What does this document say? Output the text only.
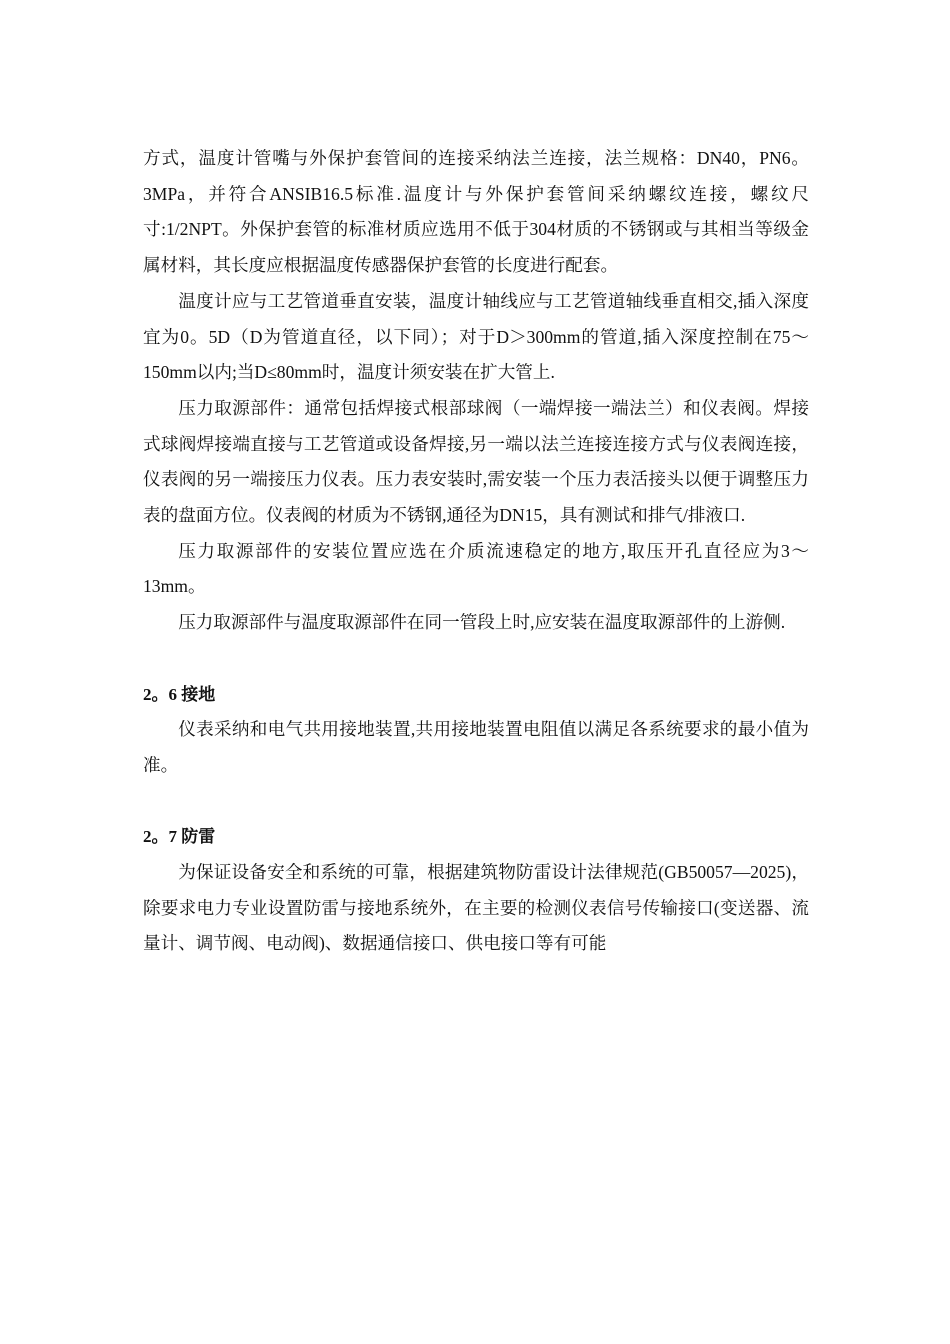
方式，温度计管嘴与外保护套管间的连接采纳法兰连接，法兰规格：DN40，PN6。3MPa，并符合ANSIB16.5标准.温度计与外保护套管间采纳螺纹连接，螺纹尺寸:1/2NPT。外保护套管的标准材质应选用不低于304材质的不锈钢或与其相当等级金属材料，其长度应根据温度传感器保护套管的长度进行配套。

温度计应与工艺管道垂直安装，温度计轴线应与工艺管道轴线垂直相交,插入深度宜为0。5D（D为管道直径，以下同）；对于D＞300mm的管道,插入深度控制在75～150mm以内;当D≤80mm时，温度计须安装在扩大管上.

压力取源部件：通常包括焊接式根部球阀（一端焊接一端法兰）和仪表阀。焊接式球阀焊接端直接与工艺管道或设备焊接,另一端以法兰连接连接方式与仪表阀连接，仪表阀的另一端接压力仪表。压力表安装时,需安装一个压力表活接头以便于调整压力表的盘面方位。仪表阀的材质为不锈钢,通径为DN15，具有测试和排气/排液口.

压力取源部件的安装位置应选在介质流速稳定的地方,取压开孔直径应为3～13mm。

压力取源部件与温度取源部件在同一管段上时,应安装在温度取源部件的上游侧.

2。6 接地

仪表采纳和电气共用接地装置,共用接地装置电阻值以满足各系统要求的最小值为准。

2。7 防雷

为保证设备安全和系统的可靠，根据建筑物防雷设计法律规范(GB50057—2025)，除要求电力专业设置防雷与接地系统外，在主要的检测仪表信号传输接口(变送器、流量计、调节阀、电动阀)、数据通信接口、供电接口等有可能
